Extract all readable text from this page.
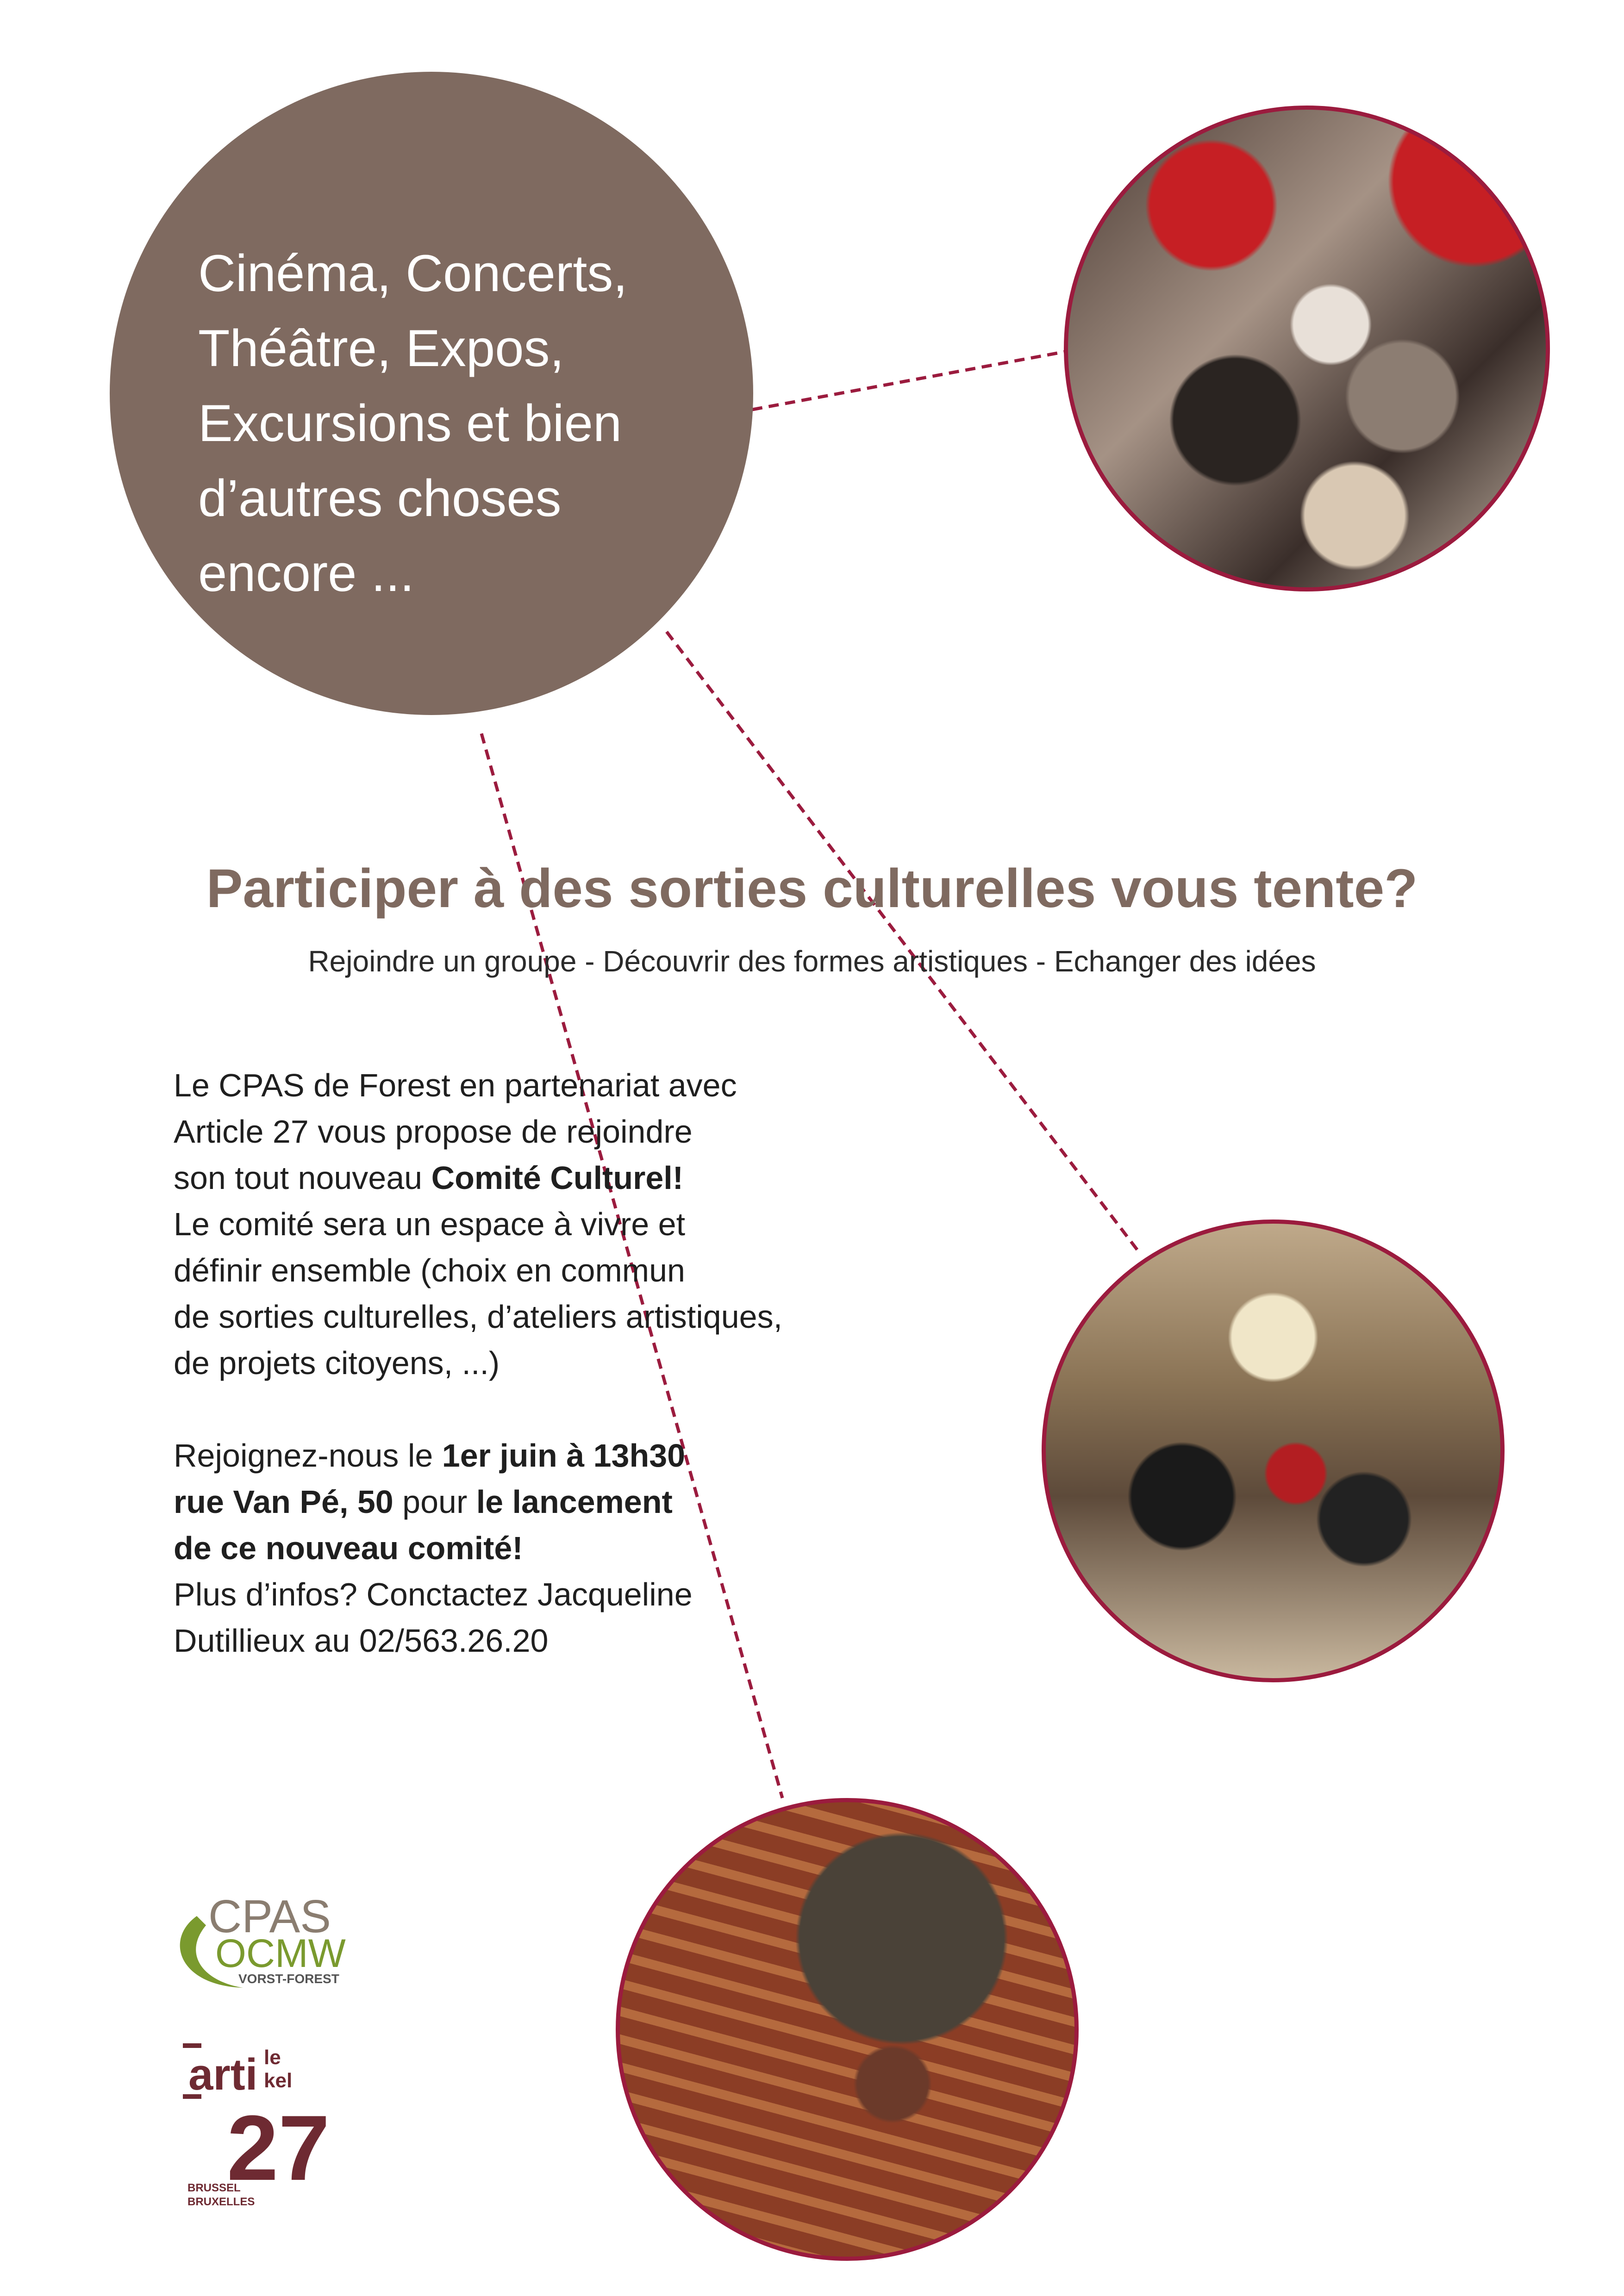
Cinéma, Concerts,
Théâtre, Expos,
Excursions et bien
d’autres choses
encore ...
Participer à des sorties culturelles vous tente?
Rejoindre un groupe - Découvrir des formes artistiques - Echanger des idées
Le CPAS de Forest en partenariat avec
Article 27 vous propose de rejoindre
son tout nouveau Comité Culturel!
Le comité sera un espace à vivre et
définir ensemble (choix en commun
de sorties culturelles, d’ateliers artistiques,
de projets citoyens, ...)
Rejoignez-nous le 1er juin à 13h30
rue Van Pé, 50 pour le lancement
de ce nouveau comité!
Plus d’infos? Conctactez Jacqueline
Dutillieux au 02/563.26.20
CPAS
OCMW
VORST-FOREST
arti le
kel
27
BRUSSEL
BRUXELLES
